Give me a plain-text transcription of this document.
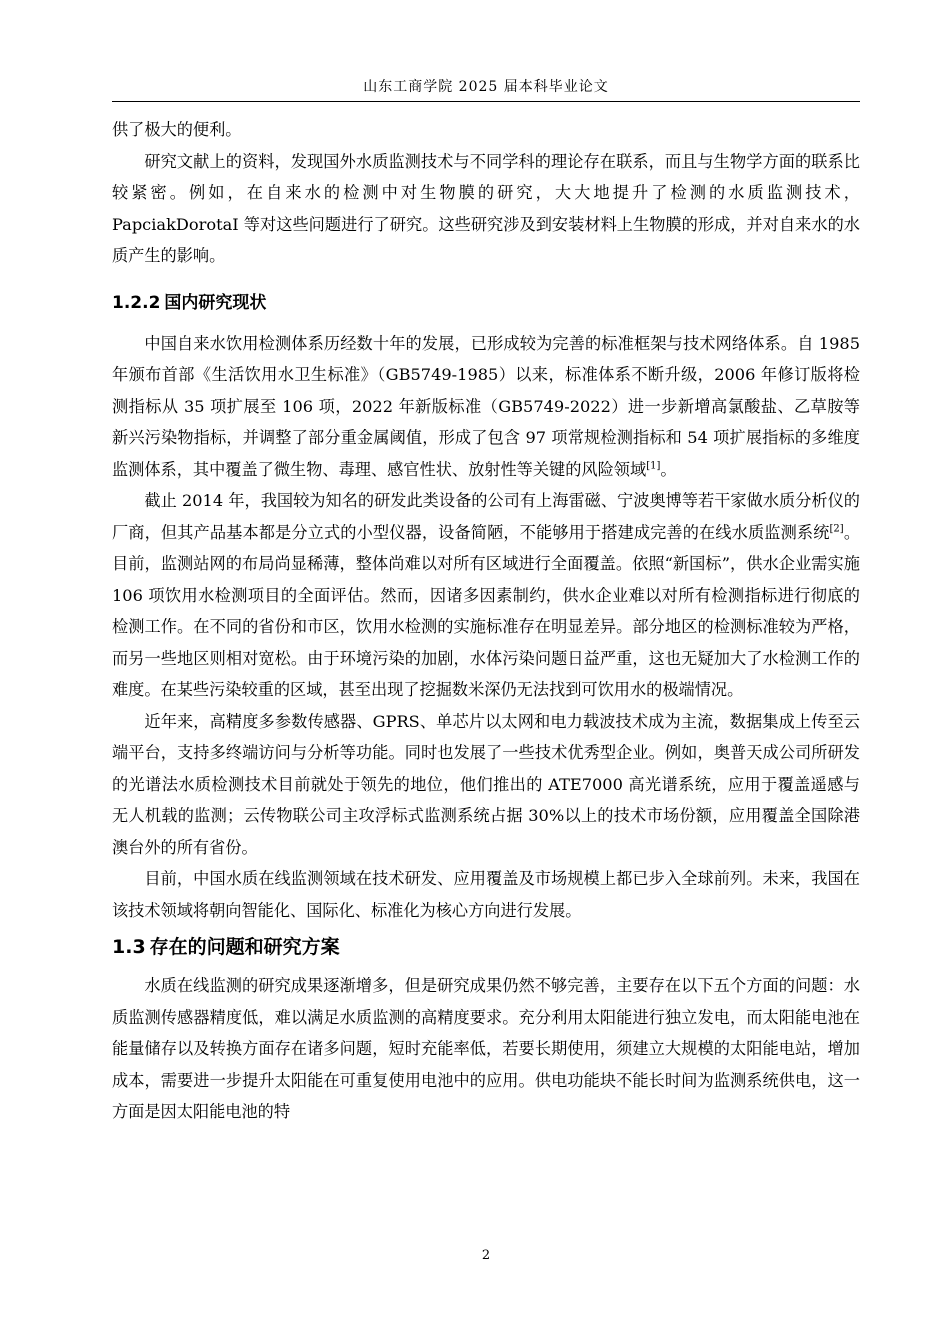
山东工商学院 2025 届本科毕业论文

供了极大的便利。

研究文献上的资料，发现国外水质监测技术与不同学科的理论存在联系，而且与生物学方面的联系比较紧密。例如，在自来水的检测中对生物膜的研究，大大地提升了检测的水质监测技术，PapciakDorotaI 等对这些问题进行了研究。这些研究涉及到安装材料上生物膜的形成，并对自来水的水质产生的影响。

1.2.2 国内研究现状

中国自来水饮用检测体系历经数十年的发展，已形成较为完善的标准框架与技术网络体系。自 1985 年颁布首部《生活饮用水卫生标准》（GB5749-1985）以来，标准体系不断升级，2006 年修订版将检测指标从 35 项扩展至 106 项，2022 年新版标准（GB5749-2022）进一步新增高氯酸盐、乙草胺等新兴污染物指标，并调整了部分重金属阈值，形成了包含 97 项常规检测指标和 54 项扩展指标的多维度监测体系，其中覆盖了微生物、毒理、感官性状、放射性等关键的风险领域[1]。

截止 2014 年，我国较为知名的研发此类设备的公司有上海雷磁、宁波奥博等若干家做水质分析仪的厂商，但其产品基本都是分立式的小型仪器，设备简陋，不能够用于搭建成完善的在线水质监测系统[2]。目前，监测站网的布局尚显稀薄，整体尚难以对所有区域进行全面覆盖。依照“新国标”，供水企业需实施 106 项饮用水检测项目的全面评估。然而，因诸多因素制约，供水企业难以对所有检测指标进行彻底的检测工作。在不同的省份和市区，饮用水检测的实施标准存在明显差异。部分地区的检测标准较为严格，而另一些地区则相对宽松。由于环境污染的加剧，水体污染问题日益严重，这也无疑加大了水检测工作的难度。在某些污染较重的区域，甚至出现了挖掘数米深仍无法找到可饮用水的极端情况。

近年来，高精度多参数传感器、GPRS、单芯片以太网和电力载波技术成为主流，数据集成上传至云端平台，支持多终端访问与分析等功能。同时也发展了一些技术优秀型企业。例如，奥普天成公司所研发的光谱法水质检测技术目前就处于领先的地位，他们推出的 ATE7000 高光谱系统，应用于覆盖遥感与无人机载的监测；云传物联公司主攻浮标式监测系统占据 30%以上的技术市场份额，应用覆盖全国除港澳台外的所有省份。

目前，中国水质在线监测领域在技术研发、应用覆盖及市场规模上都已步入全球前列。未来，我国在该技术领域将朝向智能化、国际化、标准化为核心方向进行发展。

1.3 存在的问题和研究方案

水质在线监测的研究成果逐渐增多，但是研究成果仍然不够完善，主要存在以下五个方面的问题：水质监测传感器精度低，难以满足水质监测的高精度要求。充分利用太阳能进行独立发电，而太阳能电池在能量储存以及转换方面存在诸多问题，短时充能率低，若要长期使用，须建立大规模的太阳能电站，增加成本，需要进一步提升太阳能在可重复使用电池中的应用。供电功能块不能长时间为监测系统供电，这一方面是因太阳能电池的特

2
